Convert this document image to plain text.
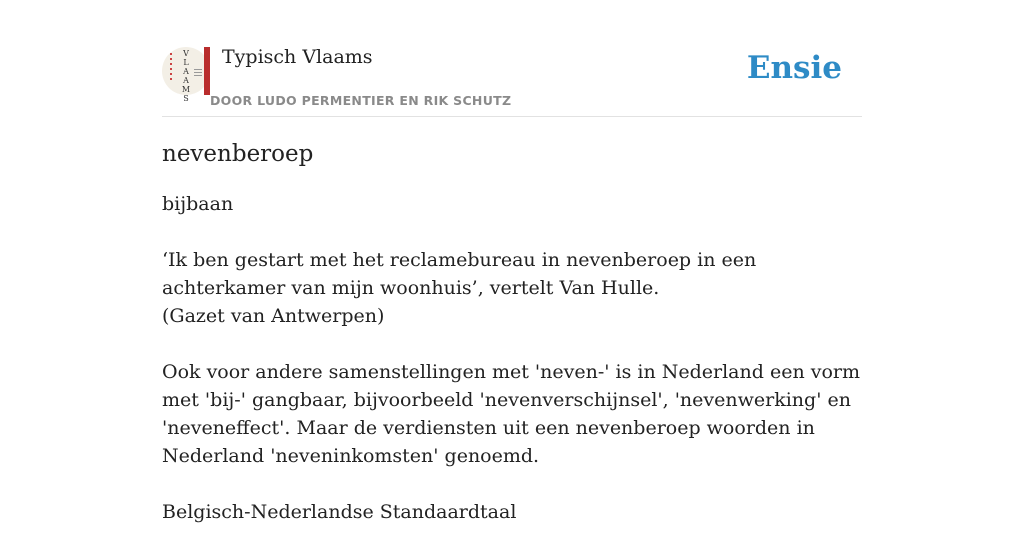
V
L
A
A
M
S
Typisch Vlaams
DOOR LUDO PERMENTIER EN RIK SCHUTZ
Ensie
nevenberoep

bijbaan

‘Ik ben gestart met het reclamebureau in nevenberoep in een achterkamer van mijn woonhuis’, vertelt Van Hulle.
(Gazet van Antwerpen)

Ook voor andere samenstellingen met 'neven-' is in Nederland een vorm met 'bij-' gangbaar, bijvoorbeeld 'nevenverschijnsel', 'nevenwerking' en 'neveneffect'. Maar de verdiensten uit een nevenberoep woorden in Nederland 'neveninkomsten' genoemd.

Belgisch-Nederlandse Standaardtaal
